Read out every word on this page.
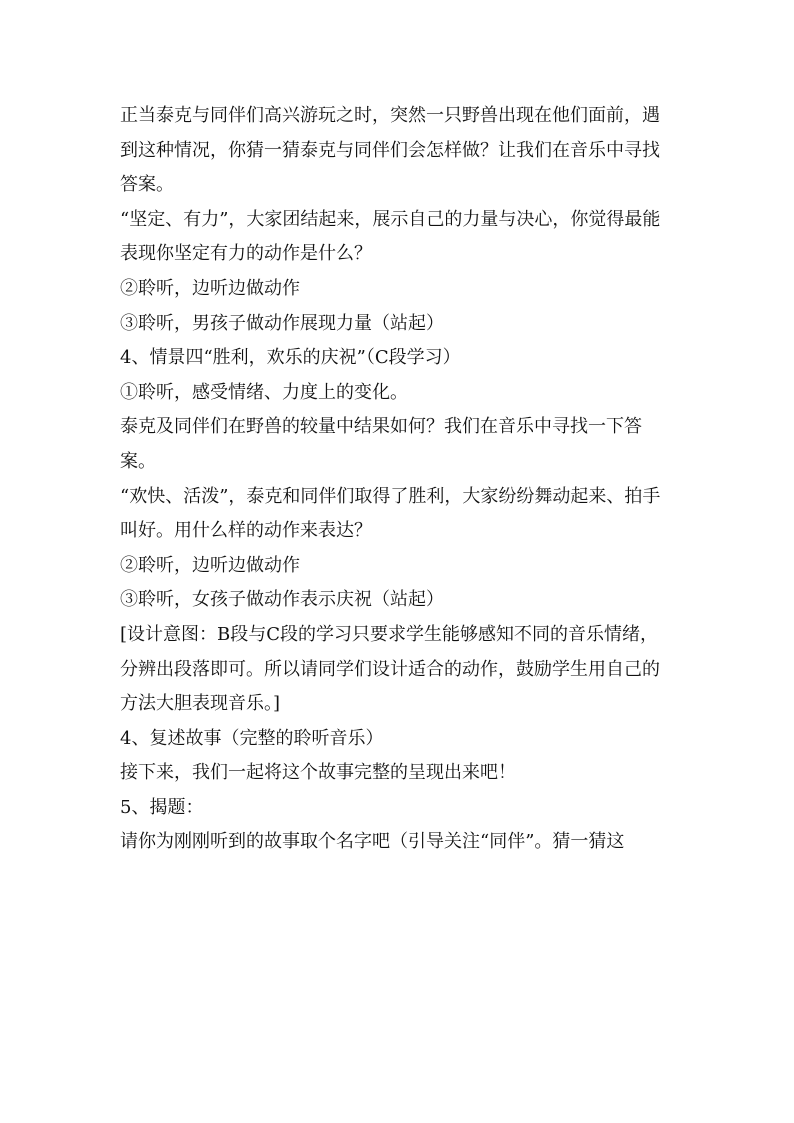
正当泰克与同伴们高兴游玩之时，突然一只野兽出现在他们面前，遇到这种情况，你猜一猜泰克与同伴们会怎样做？让我们在音乐中寻找答案。

“坚定、有力”，大家团结起来，展示自己的力量与决心，你觉得最能表现你坚定有力的动作是什么？

②聆听，边听边做动作

③聆听，男孩子做动作展现力量（站起）

4、情景四“胜利，欢乐的庆祝”（C段学习）

①聆听，感受情绪、力度上的变化。

泰克及同伴们在野兽的较量中结果如何？我们在音乐中寻找一下答案。

“欢快、活泼”，泰克和同伴们取得了胜利，大家纷纷舞动起来、拍手叫好。用什么样的动作来表达？

②聆听，边听边做动作

③聆听，女孩子做动作表示庆祝（站起）

[设计意图：B段与C段的学习只要求学生能够感知不同的音乐情绪，分辨出段落即可。所以请同学们设计适合的动作，鼓励学生用自己的方法大胆表现音乐。]

4、复述故事（完整的聆听音乐）

接下来，我们一起将这个故事完整的呈现出来吧！

5、揭题：

请你为刚刚听到的故事取个名字吧（引导关注“同伴”。猜一猜这
